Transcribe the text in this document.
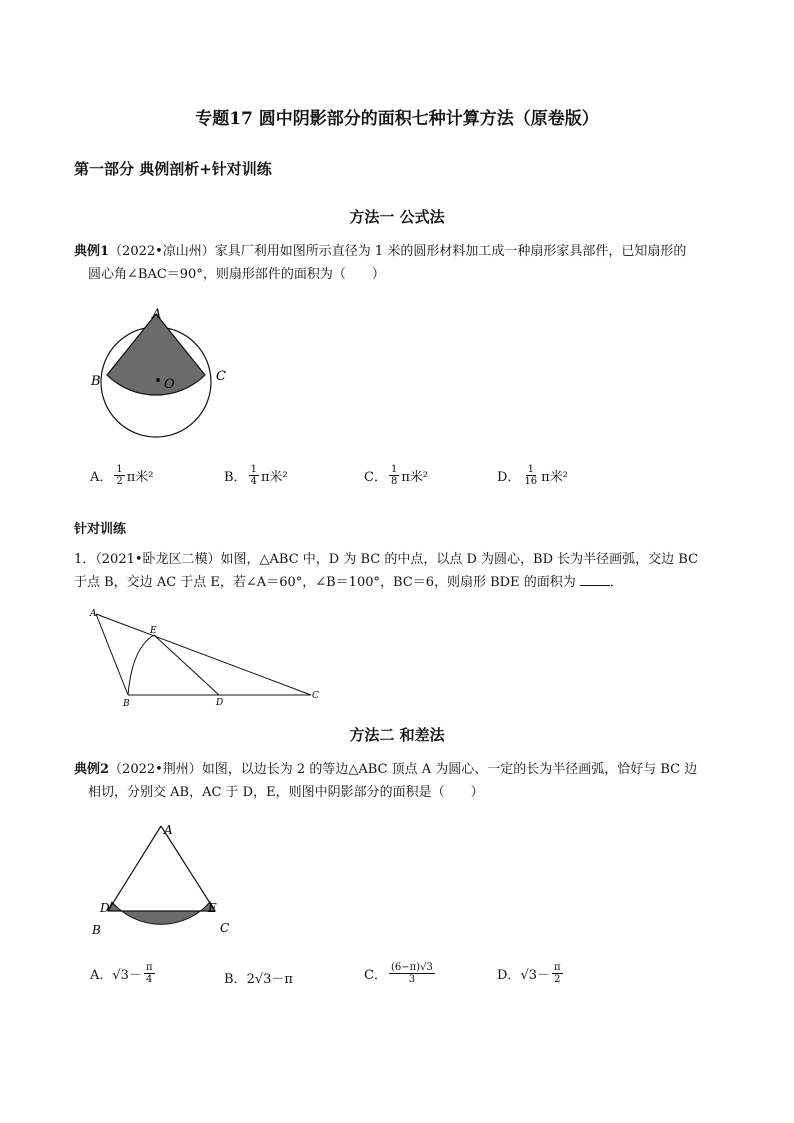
专题17 圆中阴影部分的面积七种计算方法（原卷版）
第一部分 典例剖析+针对训练
方法一 公式法
典例1（2022•凉山州）家具厂利用如图所示直径为 1 米的圆形材料加工成一种扇形家具部件，已知扇形的
圆心角∠BAC＝90°，则扇形部件的面积为（　　）
A
B	C
O
A． $\frac{1}{2}$ π米²	B． $\frac{1}{4}$ π米²	C． $\frac{1}{8}$ π米²	D． $\frac{1}{16}$ π米²
针对训练
1．（2021•卧龙区二模）如图，△ABC 中，D 为 BC 的中点，以点 D 为圆心，BD 长为半径画弧，交边 BC
于点 B，交边 AC 于点 E，若∠A＝60°，∠B＝100°，BC＝6，则扇形 BDE 的面积为	．
A
B
C
D
E
方法二 和差法
典例2（2022•荆州）如图，以边长为 2 的等边△ABC 顶点 A 为圆心、一定的长为半径画弧，恰好与 BC 边
相切，分别交 AB，AC 于 D，E，则图中阴影部分的面积是（　　）
A
B	C
D	E
A． $√3- \frac{\pi}{4}$	B． 2√3－π	C． $\frac{(6-\pi)√3}{3}$	D． $√3- \frac{\pi}{2}$
